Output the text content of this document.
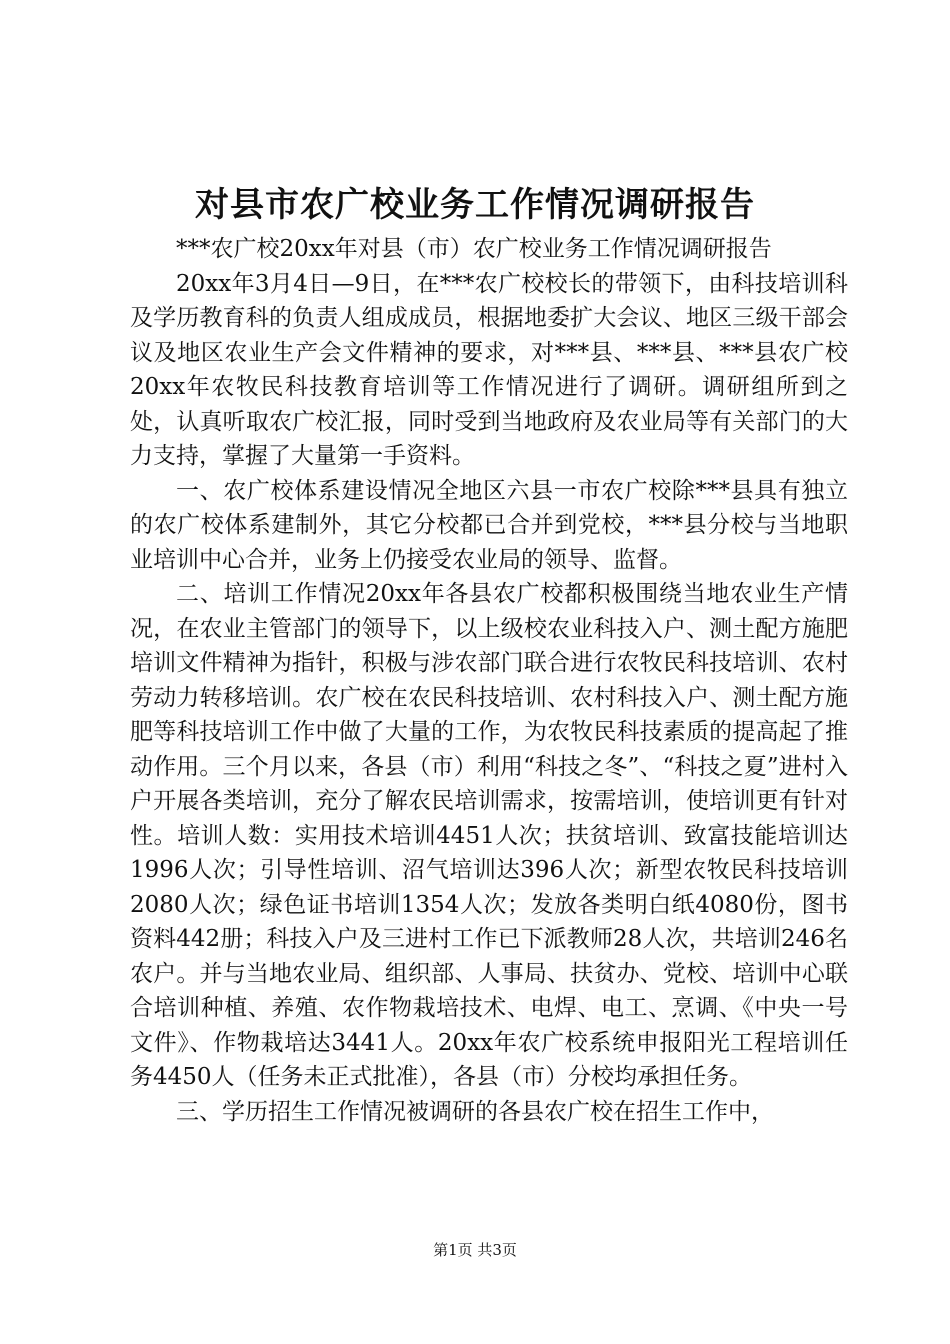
对县市农广校业务工作情况调研报告

***农广校20xx年对县（市）农广校业务工作情况调研报告

20xx年3月4日—9日，在***农广校校长的带领下，由科技培训科及学历教育科的负责人组成成员，根据地委扩大会议、地区三级干部会议及地区农业生产会文件精神的要求，对***县、***县、***县农广校20xx年农牧民科技教育培训等工作情况进行了调研。调研组所到之处，认真听取农广校汇报，同时受到当地政府及农业局等有关部门的大力支持，掌握了大量第一手资料。

一、农广校体系建设情况全地区六县一市农广校除***县具有独立的农广校体系建制外，其它分校都已合并到党校，***县分校与当地职业培训中心合并，业务上仍接受农业局的领导、监督。

二、培训工作情况20xx年各县农广校都积极围绕当地农业生产情况，在农业主管部门的领导下，以上级校农业科技入户、测土配方施肥培训文件精神为指针，积极与涉农部门联合进行农牧民科技培训、农村劳动力转移培训。农广校在农民科技培训、农村科技入户、测土配方施肥等科技培训工作中做了大量的工作，为农牧民科技素质的提高起了推动作用。三个月以来，各县（市）利用“科技之冬”、“科技之夏”进村入户开展各类培训，充分了解农民培训需求，按需培训，使培训更有针对性。培训人数：实用技术培训4451人次；扶贫培训、致富技能培训达1996人次；引导性培训、沼气培训达396人次；新型农牧民科技培训2080人次；绿色证书培训1354人次；发放各类明白纸4080份，图书资料442册；科技入户及三进村工作已下派教师28人次，共培训246名农户。并与当地农业局、组织部、人事局、扶贫办、党校、培训中心联合培训种植、养殖、农作物栽培技术、电焊、电工、烹调、《中央一号文件》、作物栽培达3441人。20xx年农广校系统申报阳光工程培训任务4450人（任务未正式批准），各县（市）分校均承担任务。

三、学历招生工作情况被调研的各县农广校在招生工作中，

第1页 共3页
